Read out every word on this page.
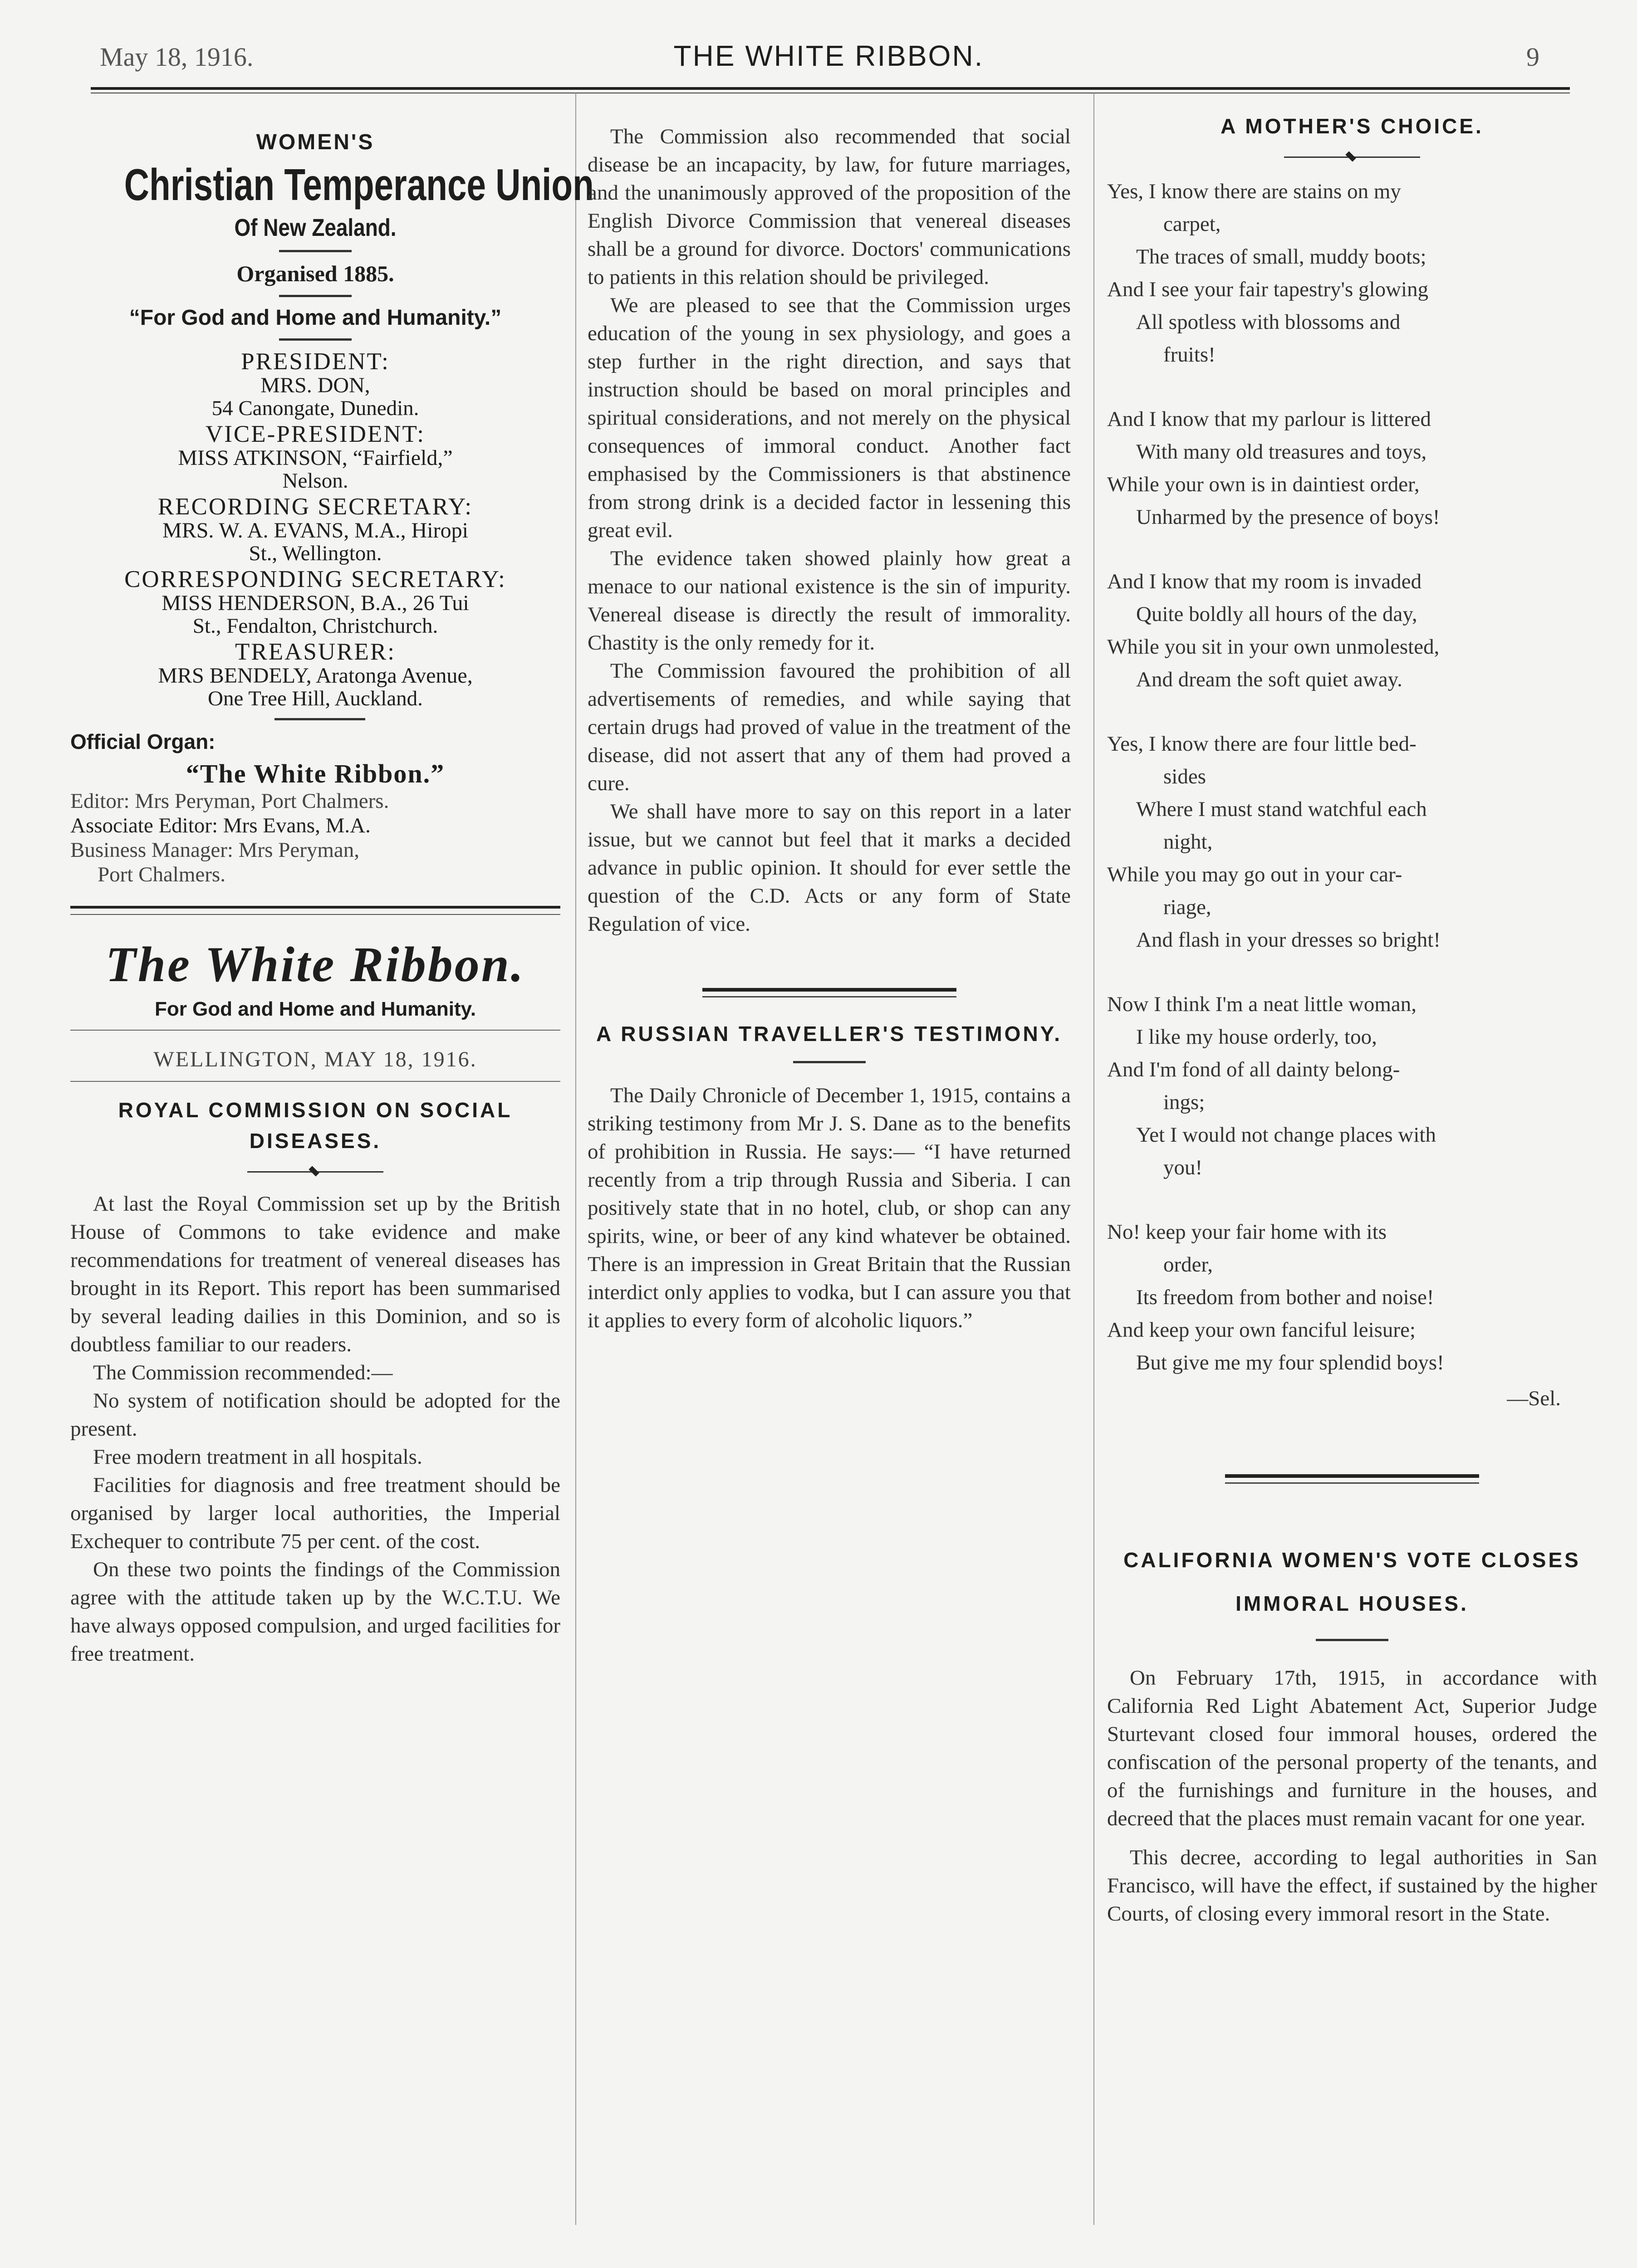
May 18, 1916.	THE WHITE RIBBON.	9
WOMEN'S
Christian Temperance Union
Of New Zealand.
Organised 1885.
“For God and Home and Humanity.”
PRESIDENT:
MRS. DON,
54 Canongate, Dunedin.
VICE-PRESIDENT:
MISS ATKINSON, “Fairfield,”
Nelson.
RECORDING SECRETARY:
MRS. W. A. EVANS, M.A., Hiropi
St., Wellington.
CORRESPONDING SECRETARY:
MISS HENDERSON, B.A., 26 Tui
St., Fendalton, Christchurch.
TREASURER:
MRS BENDELY, Aratonga Avenue,
One Tree Hill, Auckland.
Official Organ:
“The White Ribbon.”
Editor: Mrs Peryman, Port Chalmers.
Associate Editor: Mrs Evans, M.A.
Business Manager: Mrs Peryman,
Port Chalmers.
The White Ribbon.
For God and Home and Humanity.
WELLINGTON, MAY 18, 1916.
ROYAL COMMISSION ON SOCIAL DISEASES.

At last the Royal Commission set up by the British House of Commons to take evidence and make recommendations for treatment of venereal diseases has brought in its Report. This report has been summarised by several leading dailies in this Dominion, and so is doubtless familiar to our readers.

The Commission recommended:—

No system of notification should be adopted for the present.

Free modern treatment in all hospitals.

Facilities for diagnosis and free treatment should be organised by larger local authorities, the Imperial Exchequer to contribute 75 per cent. of the cost.

On these two points the findings of the Commission agree with the attitude taken up by the W.C.T.U. We have always opposed compulsion, and urged facilities for free treatment.

The Commission also recommended that social disease be an incapacity, by law, for future marriages, and the unanimously approved of the proposition of the English Divorce Commission that venereal diseases shall be a ground for divorce. Doctors' communications to patients in this relation should be privileged.

We are pleased to see that the Commission urges education of the young in sex physiology, and goes a step further in the right direction, and says that instruction should be based on moral principles and spiritual considerations, and not merely on the physical consequences of immoral conduct. Another fact emphasised by the Commissioners is that abstinence from strong drink is a decided factor in lessening this great evil.

The evidence taken showed plainly how great a menace to our national existence is the sin of impurity. Venereal disease is directly the result of immorality. Chastity is the only remedy for it.

The Commission favoured the prohibition of all advertisements of remedies, and while saying that certain drugs had proved of value in the treatment of the disease, did not assert that any of them had proved a cure.

We shall have more to say on this report in a later issue, but we cannot but feel that it marks a decided advance in public opinion. It should for ever settle the question of the C.D. Acts or any form of State Regulation of vice.

A RUSSIAN TRAVELLER'S TESTIMONY.

The Daily Chronicle of December 1, 1915, contains a striking testimony from Mr J. S. Dane as to the benefits of prohibition in Russia. He says:— “I have returned recently from a trip through Russia and Siberia. I can positively state that in no hotel, club, or shop can any spirits, wine, or beer of any kind whatever be obtained. There is an impression in Great Britain that the Russian interdict only applies to vodka, but I can assure you that it applies to every form of alcoholic liquors.”

A MOTHER'S CHOICE.

Yes, I know there are stains on my

carpet,

The traces of small, muddy boots;

And I see your fair tapestry's glowing

All spotless with blossoms and

fruits!

And I know that my parlour is littered

With many old treasures and toys,

While your own is in daintiest order,

Unharmed by the presence of boys!

And I know that my room is invaded

Quite boldly all hours of the day,

While you sit in your own unmolested,

And dream the soft quiet away.

Yes, I know there are four little bed-

sides

Where I must stand watchful each

night,

While you may go out in your car-

riage,

And flash in your dresses so bright!

Now I think I'm a neat little woman,

I like my house orderly, too,

And I'm fond of all dainty belong-

ings;

Yet I would not change places with

you!

No! keep your fair home with its

order,

Its freedom from bother and noise!

And keep your own fanciful leisure;

But give me my four splendid boys!

—Sel.
CALIFORNIA WOMEN'S VOTE CLOSES IMMORAL HOUSES.

On February 17th, 1915, in accordance with California Red Light Abatement Act, Superior Judge Sturtevant closed four immoral houses, ordered the confiscation of the personal property of the tenants, and of the furnishings and furniture in the houses, and decreed that the places must remain vacant for one year.

This decree, according to legal authorities in San Francisco, will have the effect, if sustained by the higher Courts, of closing every immoral resort in the State.
